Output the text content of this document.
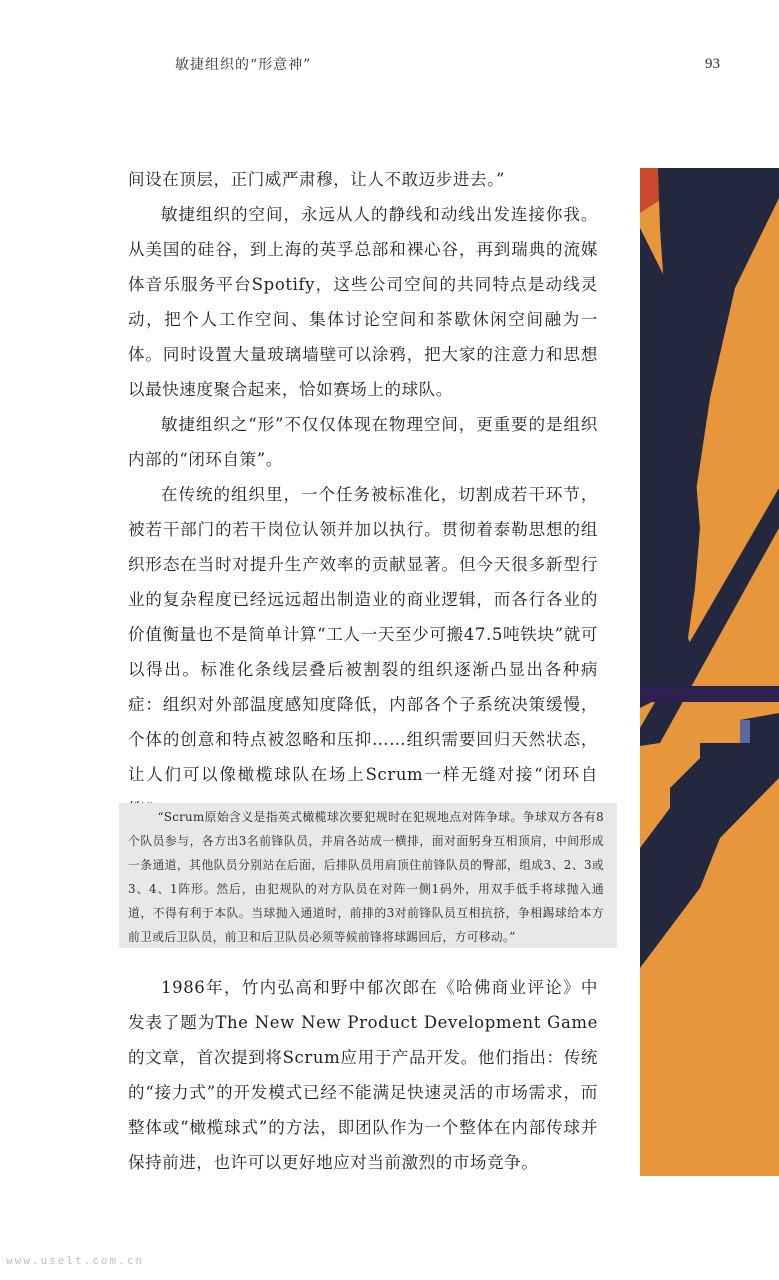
敏捷组织的“形意神”	93

间设在顶层，正门威严肃穆，让人不敢迈步进去。”

敏捷组织的空间，永远从人的静线和动线出发连接你我。从美国的硅谷，到上海的英孚总部和裸心谷，再到瑞典的流媒体音乐服务平台Spotify，这些公司空间的共同特点是动线灵动，把个人工作空间、集体讨论空间和茶歇休闲空间融为一体。同时设置大量玻璃墙壁可以涂鸦，把大家的注意力和思想以最快速度聚合起来，恰如赛场上的球队。

敏捷组织之“形”不仅仅体现在物理空间，更重要的是组织内部的“闭环自策”。

在传统的组织里，一个任务被标准化，切割成若干环节，被若干部门的若干岗位认领并加以执行。贯彻着泰勒思想的组织形态在当时对提升生产效率的贡献显著。但今天很多新型行业的复杂程度已经远远超出制造业的商业逻辑，而各行各业的价值衡量也不是简单计算“工人一天至少可搬47.5吨铁块”就可以得出。标准化条线层叠后被割裂的组织逐渐凸显出各种病症：组织对外部温度感知度降低，内部各个子系统决策缓慢，个体的创意和特点被忽略和压抑……组织需要回归天然状态， 让人们可以像橄榄球队在场上Scrum一样无缝对接“闭环自

“Scrum原始含义是指英式橄榄球次要犯规时在犯规地点对阵争球。争球双方各有8个队员参与，各方出3名前锋队员，并肩各站成一横排，面对面躬身互相顶肩，中间形成一条通道，其他队员分别站在后面，后排队员用肩顶住前锋队员的臀部，组成3、2、3或3、4、1阵形。然后，由犯规队的对方队员在对阵一侧1码外，用双手低手将球抛入通道，不得有利于本队。当球抛入通道时，前排的3对前锋队员互相抗挤，争相踢球给本方前卫或后卫队员，前卫和后卫队员必须等候前锋将球踢回后，方可移动。”

1986年，竹内弘高和野中郁次郎在《哈佛商业评论》中发表了题为The New New Product Development Game的文章，首次提到将Scrum应用于产品开发。他们指出：传统的“接力式”的开发模式已经不能满足快速灵活的市场需求，而整体或“橄榄球式”的方法，即团队作为一个整体在内部传球并保持前进，也许可以更好地应对当前激烈的市场竞争。

www.uselt.com.cn
